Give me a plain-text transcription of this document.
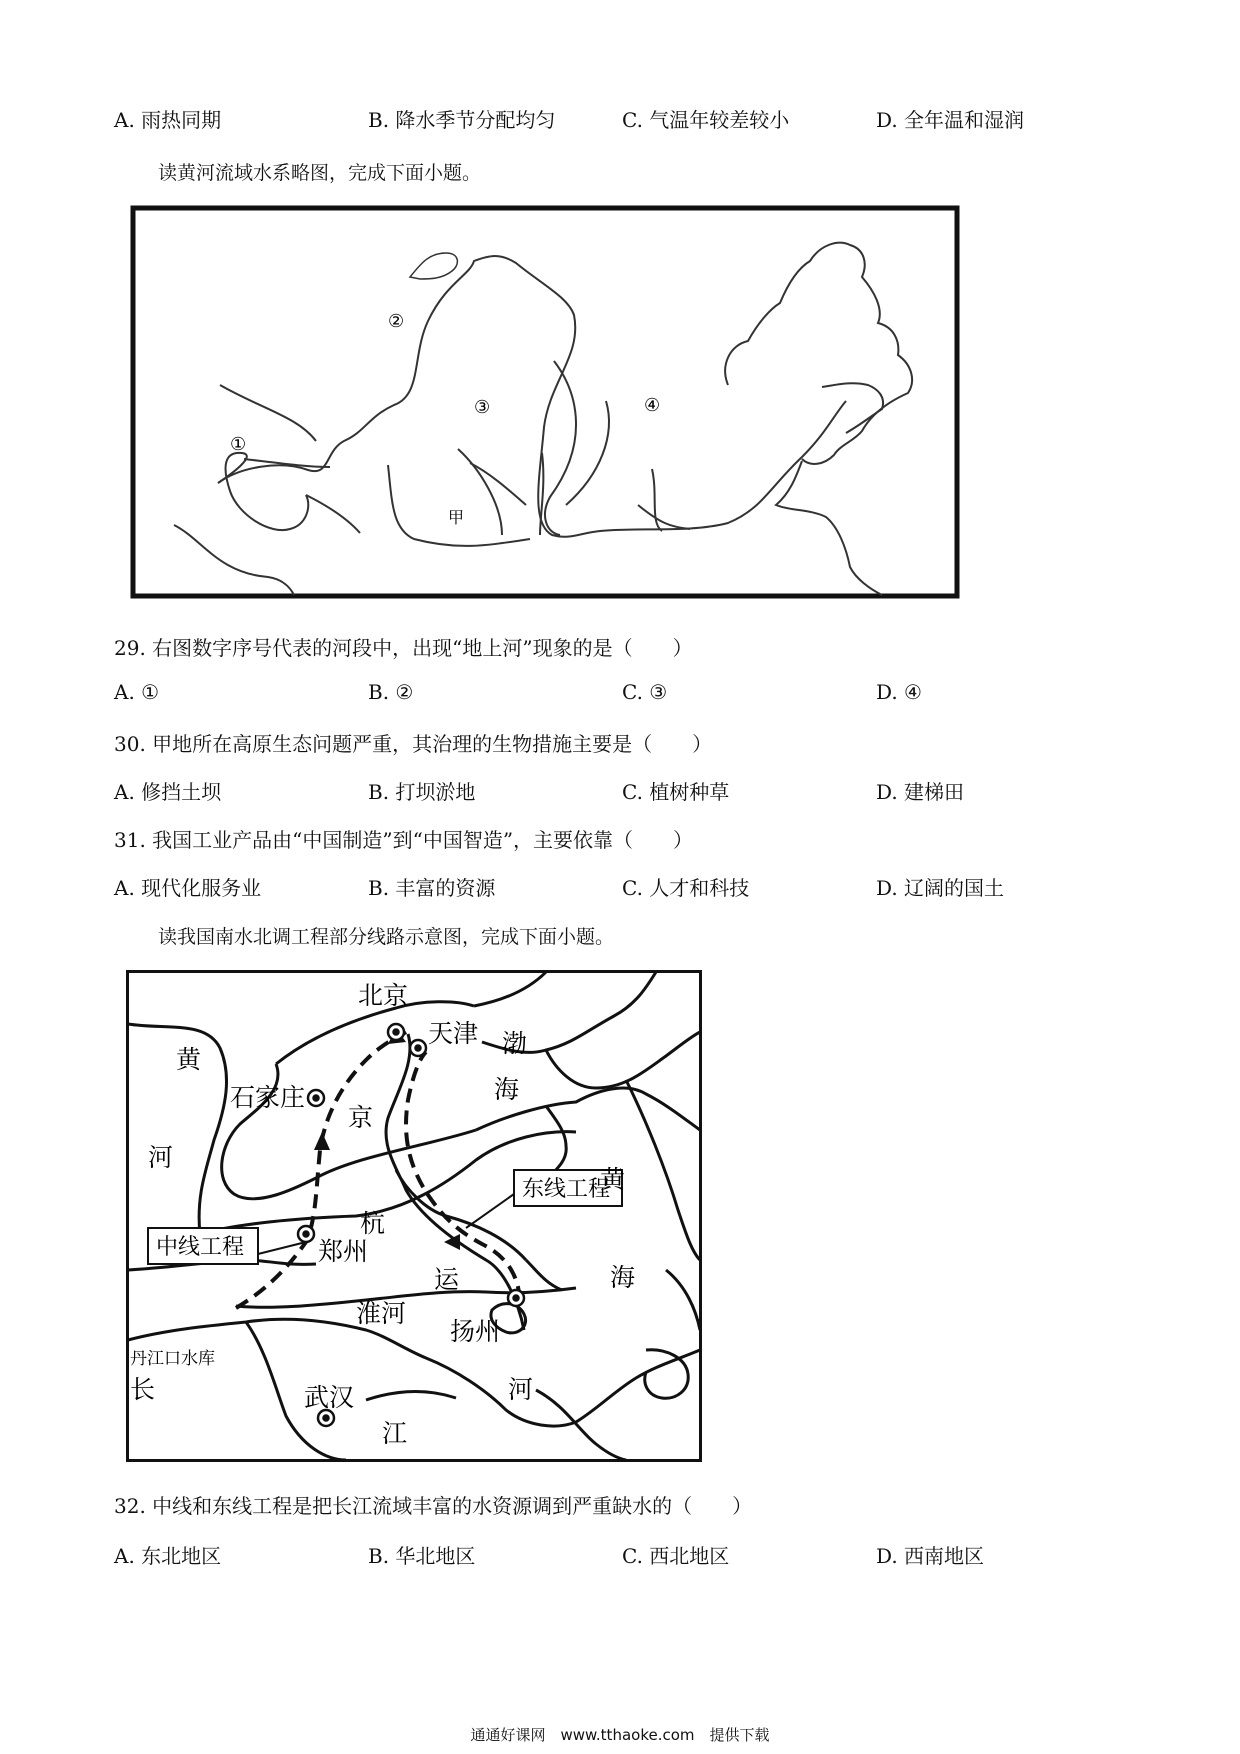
A. 雨热同期	B. 降水季节分配均匀	C. 气温年较差较小	D. 全年温和湿润
读黄河流域水系略图，完成下面小题。
①
②
③	④
甲
29. 右图数字序号代表的河段中，出现“地上河”现象的是（　　）
A. ①	B. ②	C. ③	D. ④
30. 甲地所在高原生态问题严重，其治理的生物措施主要是（　　）
A. 修挡土坝	B. 打坝淤地	C. 植树种草	D. 建梯田
31. 我国工业产品由“中国制造”到“中国智造”，主要依靠（　　）
A. 现代化服务业	B. 丰富的资源	C. 人才和科技	D. 辽阔的国土
读我国南水北调工程部分线路示意图，完成下面小题。
北京
天津 渤
海
黄
河
石家庄
京
杭
运
河
郑州
黄
海
东线工程
中线工程
淮河
扬州
丹江口水库
长
江
武汉
32. 中线和东线工程是把长江流域丰富的水资源调到严重缺水的（　　）
A. 东北地区	B. 华北地区	C. 西北地区	D. 西南地区
通通好课网　www.tthaoke.com　提供下载
